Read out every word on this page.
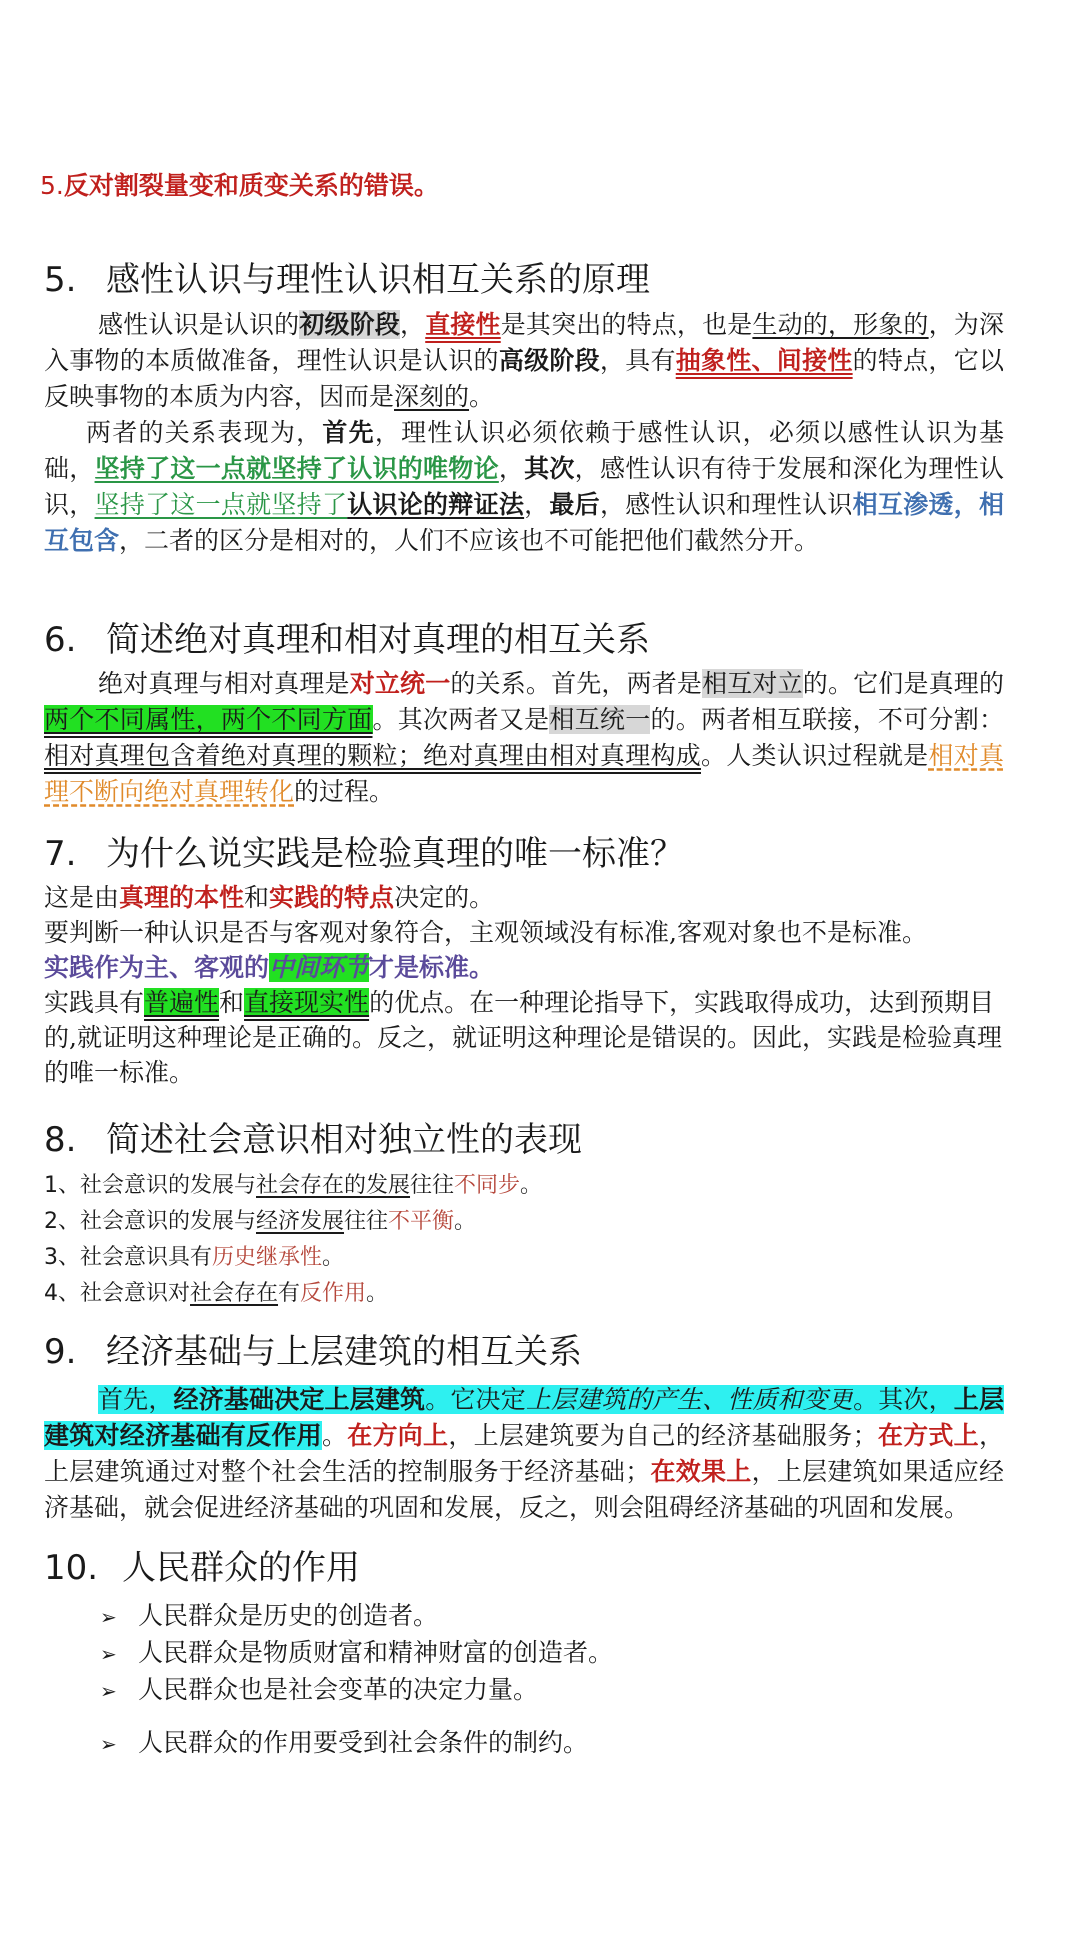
5.反对割裂量变和质变关系的错误。
5. 感性认识与理性认识相互关系的原理

感性认识是认识的初级阶段，直接性是其突出的特点，也是生动的，形象的，为深入事物的本质做准备，理性认识是认识的高级阶段，具有抽象性、间接性的特点，它以反映事物的本质为内容，因而是深刻的。

两者的关系表现为，首先，理性认识必须依赖于感性认识，必须以感性认识为基础，坚持了这一点就坚持了认识的唯物论，其次，感性认识有待于发展和深化为理性认识，坚持了这一点就坚持了认识论的辩证法，最后，感性认识和理性认识相互渗透，相互包含，二者的区分是相对的，人们不应该也不可能把他们截然分开。

6. 简述绝对真理和相对真理的相互关系

绝对真理与相对真理是对立统一的关系。首先，两者是相互对立的。它们是真理的两个不同属性，两个不同方面。其次两者又是相互统一的。两者相互联接，不可分割：相对真理包含着绝对真理的颗粒；绝对真理由相对真理构成。人类认识过程就是相对真理不断向绝对真理转化的过程。

7. 为什么说实践是检验真理的唯一标准？
这是由真理的本性和实践的特点决定的。
要判断一种认识是否与客观对象符合，主观领域没有标准,客观对象也不是标准。
实践作为主、客观的中间环节才是标准。
实践具有普遍性和直接现实性的优点。在一种理论指导下，实践取得成功，达到预期目的,就证明这种理论是正确的。反之，就证明这种理论是错误的。因此，实践是检验真理的唯一标准。
8. 简述社会意识相对独立性的表现
1、社会意识的发展与社会存在的发展往往不同步。
2、社会意识的发展与经济发展往往不平衡。
3、社会意识具有历史继承性。
4、社会意识对社会存在有反作用。
9. 经济基础与上层建筑的相互关系

首先，经济基础决定上层建筑。它决定上层建筑的产生、性质和变更。其次，上层建筑对经济基础有反作用。在方向上，上层建筑要为自己的经济基础服务；在方式上，上层建筑通过对整个社会生活的控制服务于经济基础；在效果上，上层建筑如果适应经济基础，就会促进经济基础的巩固和发展，反之，则会阻碍经济基础的巩固和发展。

10. 人民群众的作用
➢ 人民群众是历史的创造者。
➢ 人民群众是物质财富和精神财富的创造者。
➢ 人民群众也是社会变革的决定力量。
➢ 人民群众的作用要受到社会条件的制约。
